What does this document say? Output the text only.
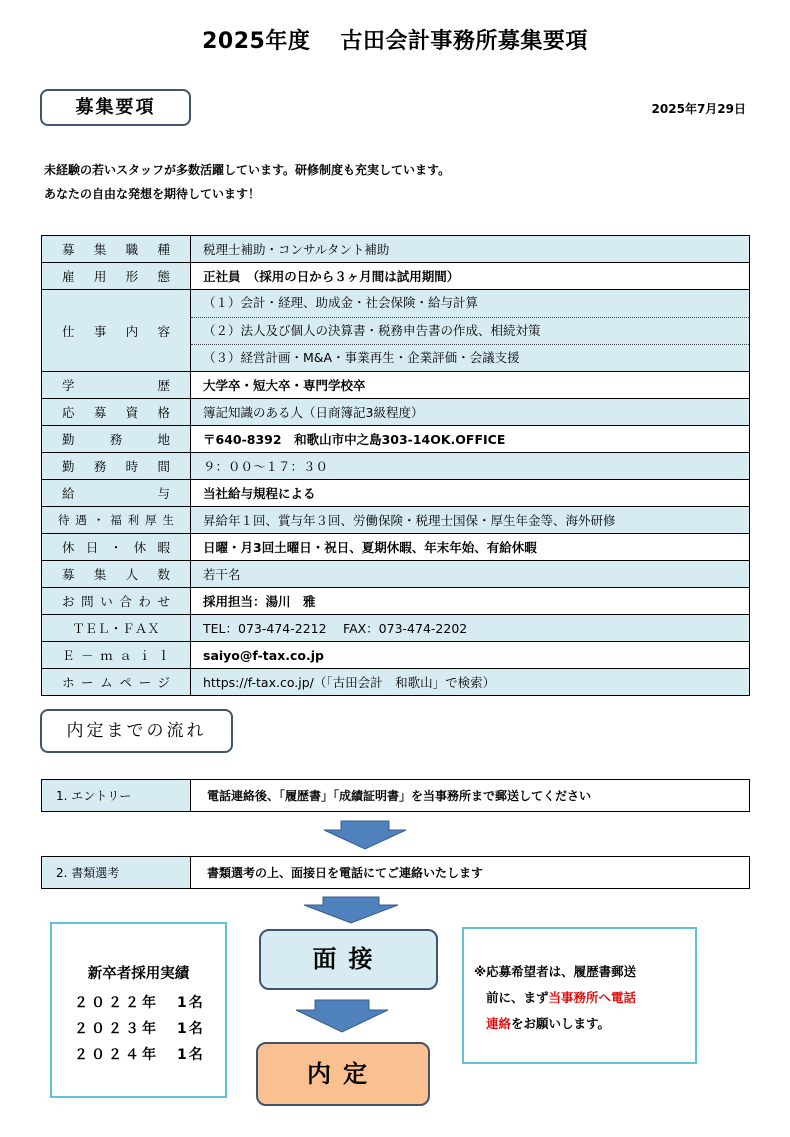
2025年度 古田会計事務所募集要項
募集要項	2025年7月29日
未経験の若いスタッフが多数活躍しています。研修制度も充実しています。
あなたの自由な発想を期待しています！
募集職種	税理士補助・コンサルタント補助
雇用形態	正社員　（採用の日から３ヶ月間は試用期間）
仕事内容	（１）会計・経理、助成金・社会保険・給与計算
（２）法人及び個人の決算書・税務申告書の作成、相続対策
（３）経営計画・M&A・事業再生・企業評価・会議支援

学歴	大学卒・短大卒・専門学校卒
応募資格	簿記知識のある人（日商簿記3級程度）
勤務地	〒640-8392　和歌山市中之島303-14OK.OFFICE
勤務時間	９：００～１７：３０
給与	当社給与規程による
待遇・福利厚生	昇給年１回、賞与年３回、労働保険・税理士国保・厚生年金等、海外研修
休日・休暇	日曜・月3回土曜日・祝日、夏期休暇、年末年始、有給休暇
募集人数	若干名
お問い合わせ	採用担当：湯川　雅
ＴＥＬ・ＦＡＸ	TEL：073-474-2212　 FAX：073-474-2202
Ｅ－ｍａｉｌ	saiyo@f-tax.co.jp
ホームページ	https://f-tax.co.jp/（「古田会計　和歌山」で検索）
内定までの流れ
1. エントリー	電話連絡後、「履歴書」「成績証明書」を当事務所まで郵送してください
2. 書類選考	書類選考の上、面接日を電話にてご連絡いたします
新卒者採用実績
２０２２年 1名
２０２３年 1名
２０２４年 1名
面接
内定
※応募希望者は、履歴書郵送
前に、まず当事務所へ電話
連絡をお願いします。
